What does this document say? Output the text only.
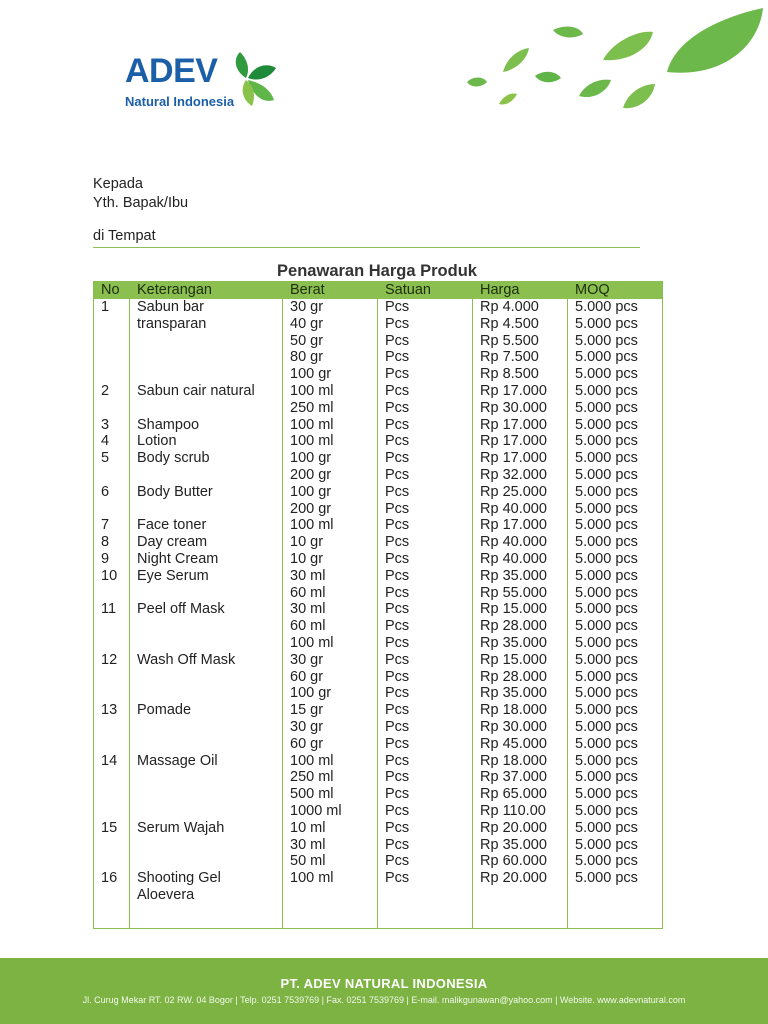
ADEV
Natural Indonesia
Kepada
Yth. Bapak/Ibu
di Tempat
Penawaran Harga Produk
No	Keterangan	Berat	Satuan	Harga	MOQ
1	Sabun bar	30 gr	Pcs	Rp 4.000	5.000 pcs
	transparan	40 gr	Pcs	Rp 4.500	5.000 pcs
		50 gr	Pcs	Rp 5.500	5.000 pcs
		80 gr	Pcs	Rp 7.500	5.000 pcs
		100 gr	Pcs	Rp 8.500	5.000 pcs
2	Sabun cair natural	100 ml	Pcs	Rp 17.000	5.000 pcs
		250 ml	Pcs	Rp 30.000	5.000 pcs
3	Shampoo	100 ml	Pcs	Rp 17.000	5.000 pcs
4	Lotion	100 ml	Pcs	Rp 17.000	5.000 pcs
5	Body scrub	100 gr	Pcs	Rp 17.000	5.000 pcs
		200 gr	Pcs	Rp 32.000	5.000 pcs
6	Body Butter	100 gr	Pcs	Rp 25.000	5.000 pcs
		200 gr	Pcs	Rp 40.000	5.000 pcs
7	Face toner	100 ml	Pcs	Rp 17.000	5.000 pcs
8	Day cream	10 gr	Pcs	Rp 40.000	5.000 pcs
9	Night Cream	10 gr	Pcs	Rp 40.000	5.000 pcs
10	Eye Serum	30 ml	Pcs	Rp 35.000	5.000 pcs
		60 ml	Pcs	Rp 55.000	5.000 pcs
11	Peel off Mask	30 ml	Pcs	Rp 15.000	5.000 pcs
		60 ml	Pcs	Rp 28.000	5.000 pcs
		100 ml	Pcs	Rp 35.000	5.000 pcs
12	Wash Off Mask	30 gr	Pcs	Rp 15.000	5.000 pcs
		60 gr	Pcs	Rp 28.000	5.000 pcs
		100 gr	Pcs	Rp 35.000	5.000 pcs
13	Pomade	15 gr	Pcs	Rp 18.000	5.000 pcs
		30 gr	Pcs	Rp 30.000	5.000 pcs
		60 gr	Pcs	Rp 45.000	5.000 pcs
14	Massage Oil	100 ml	Pcs	Rp 18.000	5.000 pcs
		250 ml	Pcs	Rp 37.000	5.000 pcs
		500 ml	Pcs	Rp 65.000	5.000 pcs
		1000 ml	Pcs	Rp 110.00	5.000 pcs
15	Serum Wajah	10 ml	Pcs	Rp 20.000	5.000 pcs
		30 ml	Pcs	Rp 35.000	5.000 pcs
		50 ml	Pcs	Rp 60.000	5.000 pcs
16	Shooting Gel	100 ml	Pcs	Rp 20.000	5.000 pcs
	Aloevera				

PT. ADEV NATURAL INDONESIA
Jl. Curug Mekar RT. 02 RW. 04 Bogor | Telp. 0251 7539769 | Fax. 0251 7539769 | E-mail. malikgunawan@yahoo.com | Website. www.adevnatural.com
